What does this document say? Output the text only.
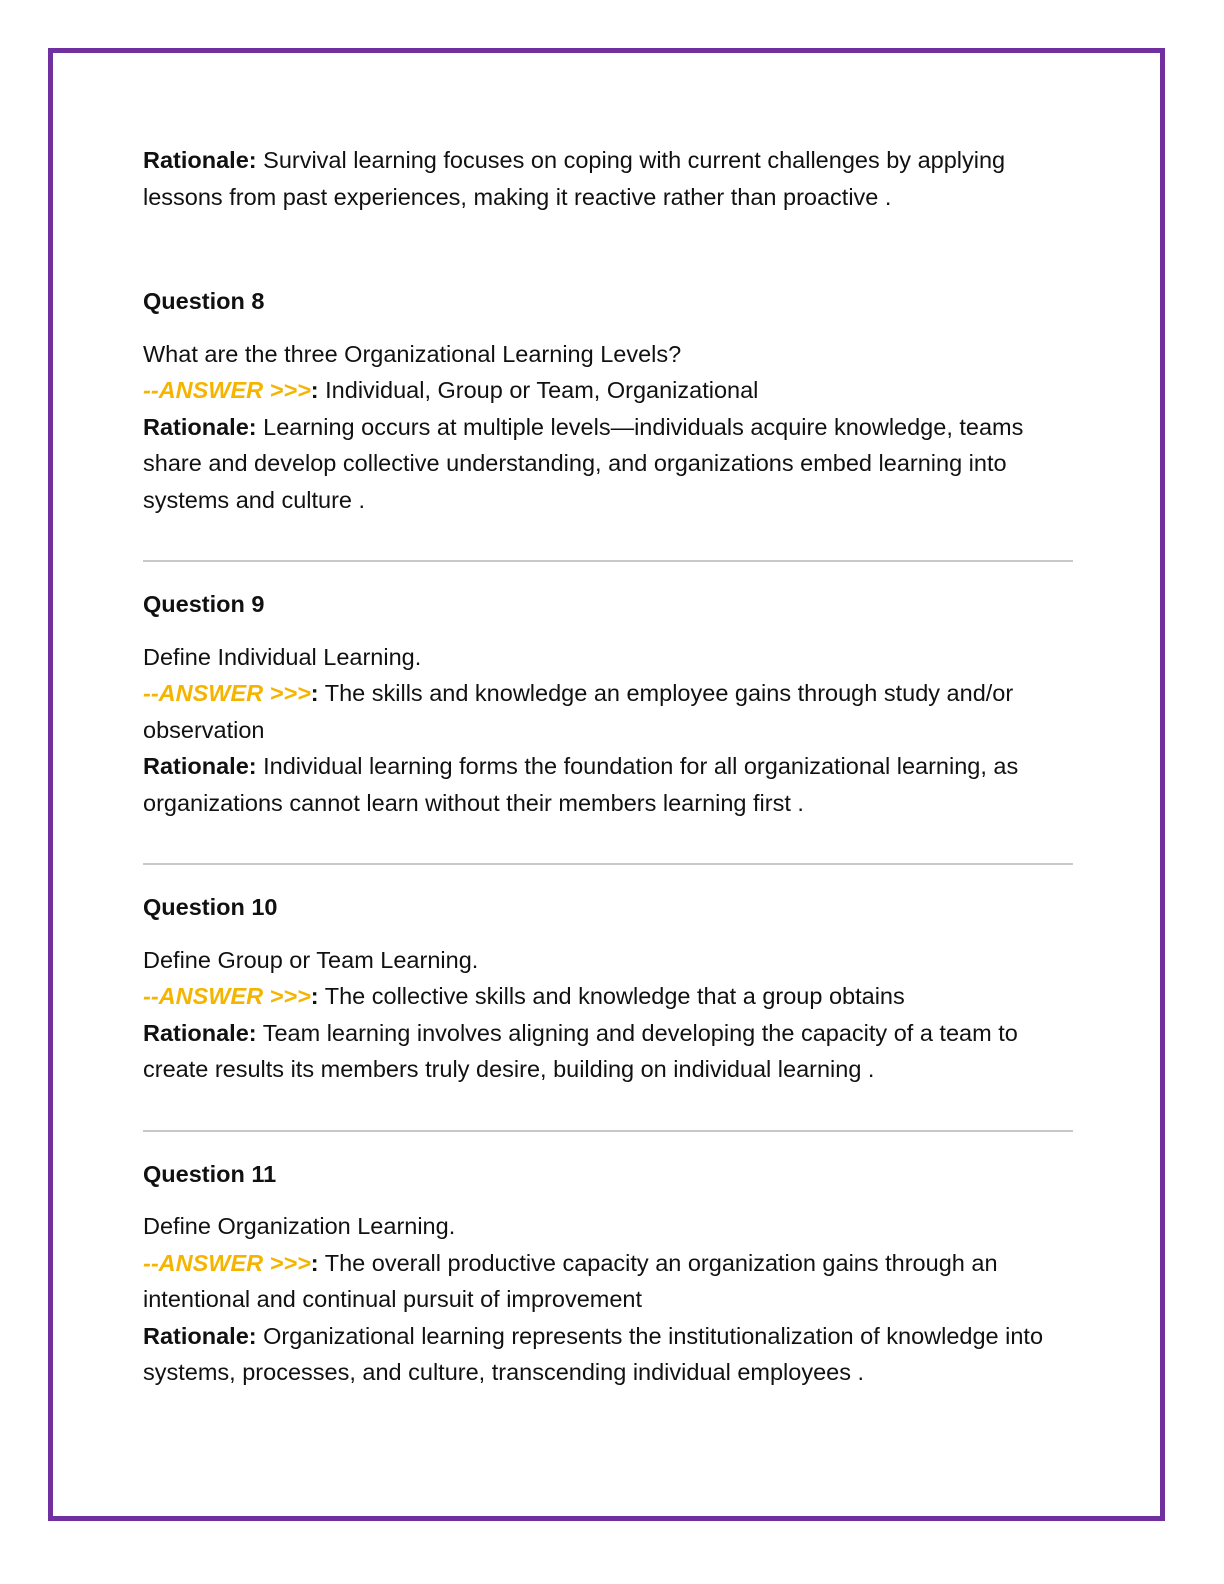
Rationale: Survival learning focuses on coping with current challenges by applying lessons from past experiences, making it reactive rather than proactive .

Question 8

What are the three Organizational Learning Levels?

--ANSWER >>>: Individual, Group or Team, Organizational

Rationale: Learning occurs at multiple levels—individuals acquire knowledge, teams share and develop collective understanding, and organizations embed learning into systems and culture .

Question 9

Define Individual Learning.

--ANSWER >>>: The skills and knowledge an employee gains through study and/or observation

Rationale: Individual learning forms the foundation for all organizational learning, as organizations cannot learn without their members learning first .

Question 10

Define Group or Team Learning.

--ANSWER >>>: The collective skills and knowledge that a group obtains

Rationale: Team learning involves aligning and developing the capacity of a team to create results its members truly desire, building on individual learning .

Question 11

Define Organization Learning.

--ANSWER >>>: The overall productive capacity an organization gains through an intentional and continual pursuit of improvement

Rationale: Organizational learning represents the institutionalization of knowledge into systems, processes, and culture, transcending individual employees .
